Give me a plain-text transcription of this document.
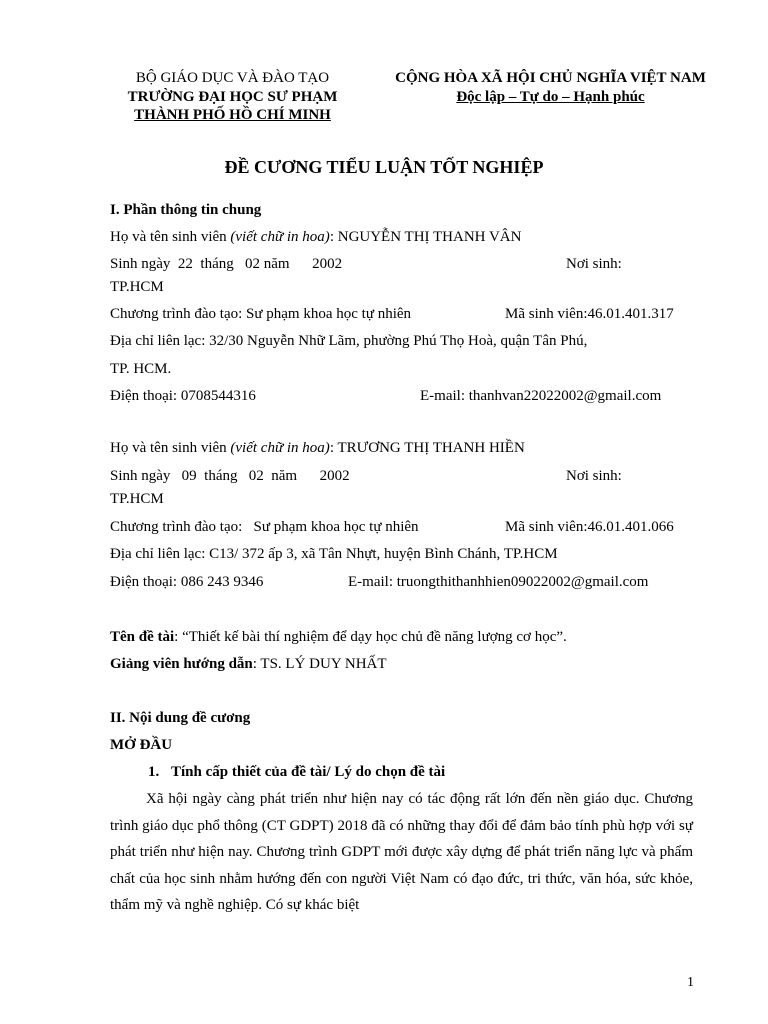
BỘ GIÁO DỤC VÀ ĐÀO TẠO
TRƯỜNG ĐẠI HỌC SƯ PHẠM
THÀNH PHỐ HỒ CHÍ MINH
CỘNG HÒA XÃ HỘI CHỦ NGHĨA VIỆT NAM
Độc lập – Tự do – Hạnh phúc
ĐỀ CƯƠNG TIỂU LUẬN TỐT NGHIỆP
I. Phần thông tin chung
Họ và tên sinh viên (viết chữ in hoa): NGUYỄN THỊ THANH VÂN
Sinh ngày  22  tháng   02 năm      2002	Nơi sinh:
TP.HCM
Chương trình đào tạo: Sư phạm khoa học tự nhiên	Mã sinh viên:46.01.401.317
Địa chỉ liên lạc: 32/30 Nguyễn Nhữ Lãm, phường Phú Thọ Hoà, quận Tân Phú,
TP. HCM.
Điện thoại: 0708544316	E-mail: thanhvan22022002@gmail.com
Họ và tên sinh viên (viết chữ in hoa): TRƯƠNG THỊ THANH HIỀN
Sinh ngày   09  tháng   02  năm      2002	Nơi sinh:
TP.HCM
Chương trình đào tạo:   Sư phạm khoa học tự nhiên	Mã sinh viên:46.01.401.066
Địa chỉ liên lạc: C13/ 372 ấp 3, xã Tân Nhựt, huyện Bình Chánh, TP.HCM
Điện thoại: 086 243 9346	E-mail: truongthithanhhien09022002@gmail.com
Tên đề tài: “Thiết kế bài thí nghiệm để dạy học chủ đề năng lượng cơ học”.
Giảng viên hướng dẫn: TS. LÝ DUY NHẤT
II. Nội dung đề cương
MỞ ĐẦU
1. Tính cấp thiết của đề tài/ Lý do chọn đề tài
Xã hội ngày càng phát triển như hiện nay có tác động rất lớn đến nền giáo dục. Chương trình giáo dục phổ thông (CT GDPT) 2018 đã có những thay đổi để đảm bảo tính phù hợp với sự phát triển như hiện nay. Chương trình GDPT mới được xây dựng để phát triển năng lực và phẩm chất của học sinh nhằm hướng đến con người Việt Nam có đạo đức, tri thức, văn hóa, sức khỏe, thẩm mỹ và nghề nghiệp. Có sự khác biệt
1
